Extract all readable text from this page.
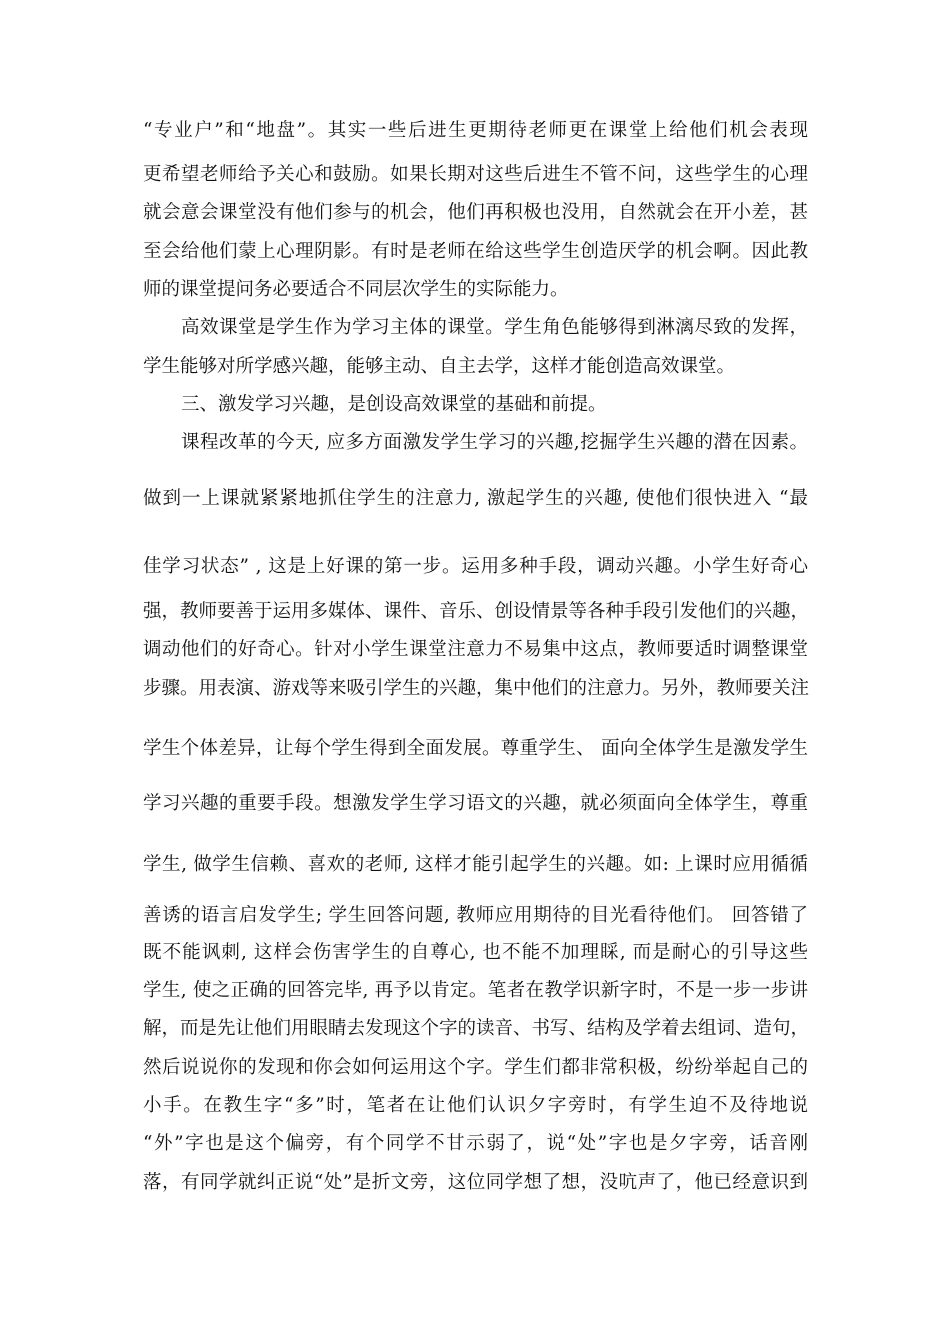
“专业户”和“地盘”。其实一些后进生更期待老师更在课堂上给他们机会表现
更希望老师给予关心和鼓励。如果长期对这些后进生不管不问，这些学生的心理
就会意会课堂没有他们参与的机会，他们再积极也没用，自然就会在开小差，甚
至会给他们蒙上心理阴影。有时是老师在给这些学生创造厌学的机会啊。因此教
师的课堂提问务必要适合不同层次学生的实际能力。
高效课堂是学生作为学习主体的课堂。学生角色能够得到淋漓尽致的发挥，
学生能够对所学感兴趣，能够主动、自主去学，这样才能创造高效课堂。
三、激发学习兴趣，是创设高效课堂的基础和前提。
课程改革的今天, 应多方面激发学生学习的兴趣,挖掘学生兴趣的潜在因素。
做到一上课就紧紧地抓住学生的注意力, 激起学生的兴趣, 使他们很快进入 “最
佳学习状态” , 这是上好课的第一步。运用多种手段，调动兴趣。小学生好奇心
强，教师要善于运用多媒体、课件、音乐、创设情景等各种手段引发他们的兴趣，
调动他们的好奇心。针对小学生课堂注意力不易集中这点，教师要适时调整课堂
步骤。用表演、游戏等来吸引学生的兴趣，集中他们的注意力。另外，教师要关注
学生个体差异，让每个学生得到全面发展。尊重学生、 面向全体学生是激发学生
学习兴趣的重要手段。想激发学生学习语文的兴趣，就必须面向全体学生，尊重
学生, 做学生信赖、喜欢的老师, 这样才能引起学生的兴趣。如: 上课时应用循循
善诱的语言启发学生; 学生回答问题, 教师应用期待的目光看待他们。 回答错了
既不能讽刺, 这样会伤害学生的自尊心, 也不能不加理睬, 而是耐心的引导这些
学生, 使之正确的回答完毕, 再予以肯定。笔者在教学识新字时，不是一步一步讲
解，而是先让他们用眼睛去发现这个字的读音、书写、结构及学着去组词、造句，
然后说说你的发现和你会如何运用这个字。学生们都非常积极，纷纷举起自己的
小手。在教生字“多”时，笔者在让他们认识夕字旁时，有学生迫不及待地说
“外”字也是这个偏旁，有个同学不甘示弱了，说“处”字也是夕字旁，话音刚
落，有同学就纠正说“处”是折文旁，这位同学想了想，没吭声了，他已经意识到
